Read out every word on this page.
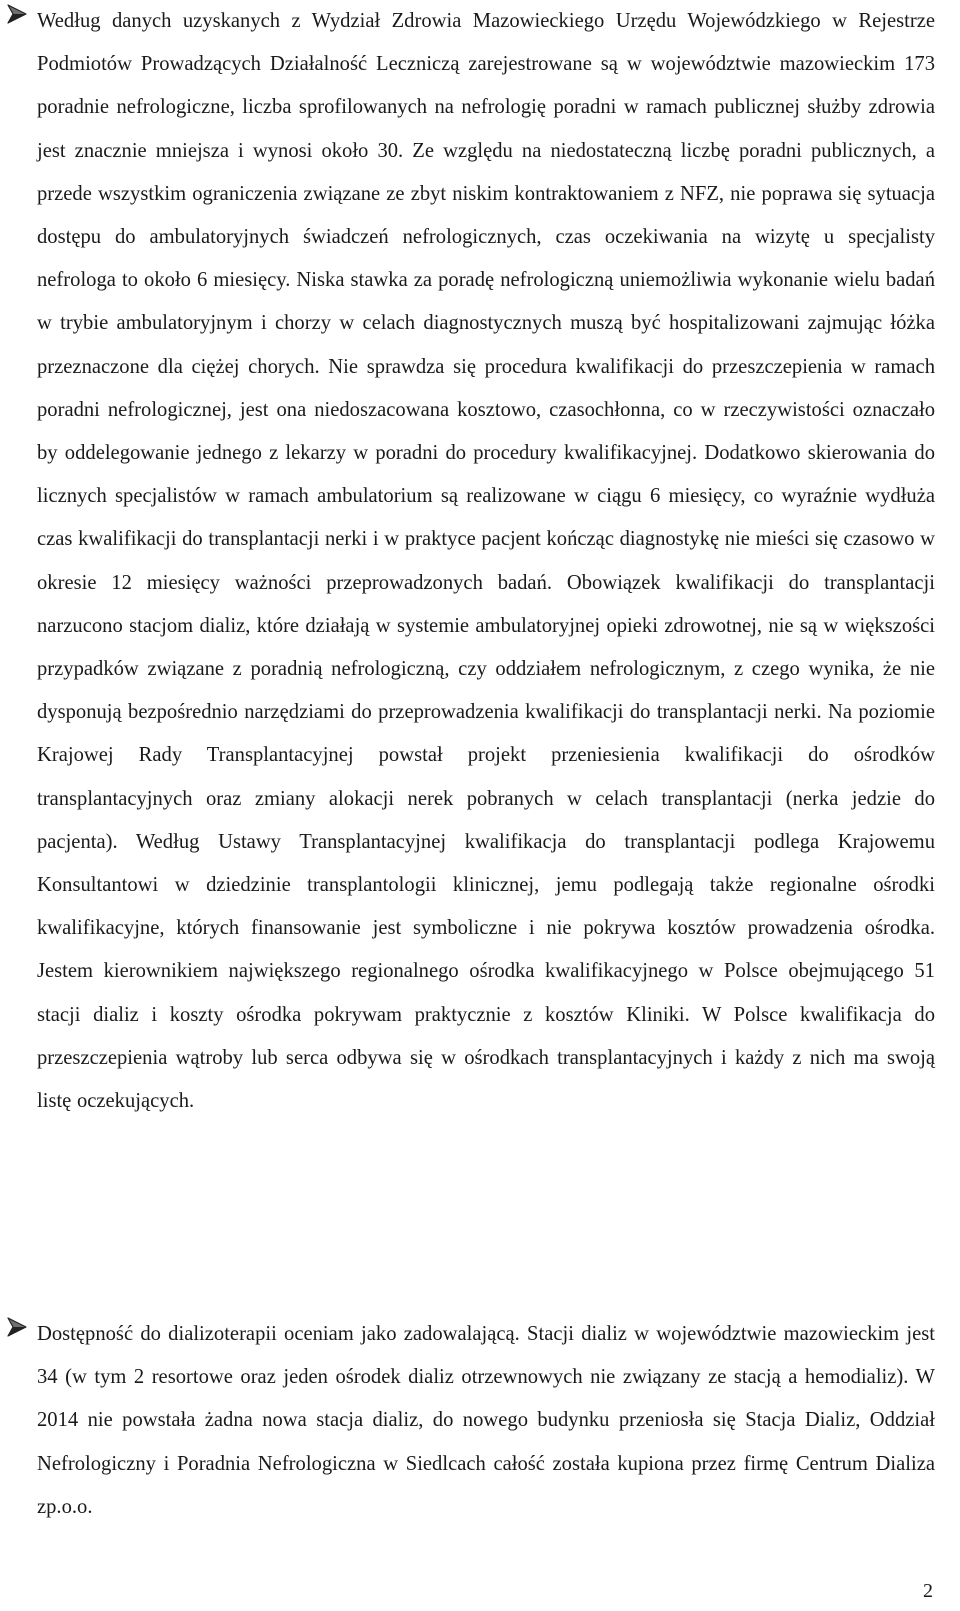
Według danych uzyskanych z Wydział Zdrowia Mazowieckiego Urzędu Wojewódzkiego w Rejestrze Podmiotów Prowadzących Działalność Leczniczą zarejestrowane są w województwie mazowieckim 173 poradnie nefrologiczne, liczba sprofilowanych na nefrologię poradni w ramach publicznej służby zdrowia jest znacznie mniejsza i wynosi około 30. Ze względu na niedostateczną liczbę poradni publicznych, a przede wszystkim ograniczenia związane ze zbyt niskim kontraktowaniem z NFZ, nie poprawa się sytuacja dostępu do ambulatoryjnych świadczeń nefrologicznych, czas oczekiwania na wizytę u specjalisty nefrologa to około 6 miesięcy. Niska stawka za poradę nefrologiczną uniemożliwia wykonanie wielu badań w trybie ambulatoryjnym i chorzy w celach diagnostycznych muszą być hospitalizowani zajmując łóżka przeznaczone dla ciężej chorych. Nie sprawdza się procedura kwalifikacji do przeszczepienia w ramach poradni nefrologicznej, jest ona niedoszacowana kosztowo, czasochłonna, co w rzeczywistości oznaczało by oddelegowanie jednego z lekarzy w poradni do procedury kwalifikacyjnej. Dodatkowo skierowania do licznych specjalistów w ramach ambulatorium są realizowane w ciągu 6 miesięcy, co wyraźnie wydłuża czas kwalifikacji do transplantacji nerki i w praktyce pacjent kończąc diagnostykę nie mieści się czasowo w okresie 12 miesięcy ważności przeprowadzonych badań. Obowiązek kwalifikacji do transplantacji narzucono stacjom dializ, które działają w systemie ambulatoryjnej opieki zdrowotnej, nie są w większości przypadków związane z poradnią nefrologiczną, czy oddziałem nefrologicznym, z czego wynika, że nie dysponują bezpośrednio narzędziami do przeprowadzenia kwalifikacji do transplantacji nerki. Na poziomie Krajowej Rady Transplantacyjnej powstał projekt przeniesienia kwalifikacji do ośrodków transplantacyjnych oraz zmiany alokacji nerek pobranych w celach transplantacji (nerka jedzie do pacjenta). Według Ustawy Transplantacyjnej kwalifikacja do transplantacji podlega Krajowemu Konsultantowi w dziedzinie transplantologii klinicznej, jemu podlegają także regionalne ośrodki kwalifikacyjne, których finansowanie jest symboliczne i nie pokrywa kosztów prowadzenia ośrodka. Jestem kierownikiem największego regionalnego ośrodka kwalifikacyjnego w Polsce obejmującego 51 stacji dializ i koszty ośrodka pokrywam praktycznie z kosztów Kliniki. W Polsce kwalifikacja do przeszczepienia wątroby lub serca odbywa się w ośrodkach transplantacyjnych i każdy z nich ma swoją listę oczekujących.

Dostępność do dializoterapii oceniam jako zadowalającą. Stacji dializ w województwie mazowieckim jest 34 (w tym 2 resortowe oraz jeden ośrodek dializ otrzewnowych nie związany ze stacją a hemodializ). W 2014 nie powstała żadna nowa stacja dializ, do nowego budynku przeniosła się Stacja Dializ, Oddział Nefrologiczny i Poradnia Nefrologiczna w Siedlcach całość została kupiona przez firmę Centrum Dializa zp.o.o.

2
